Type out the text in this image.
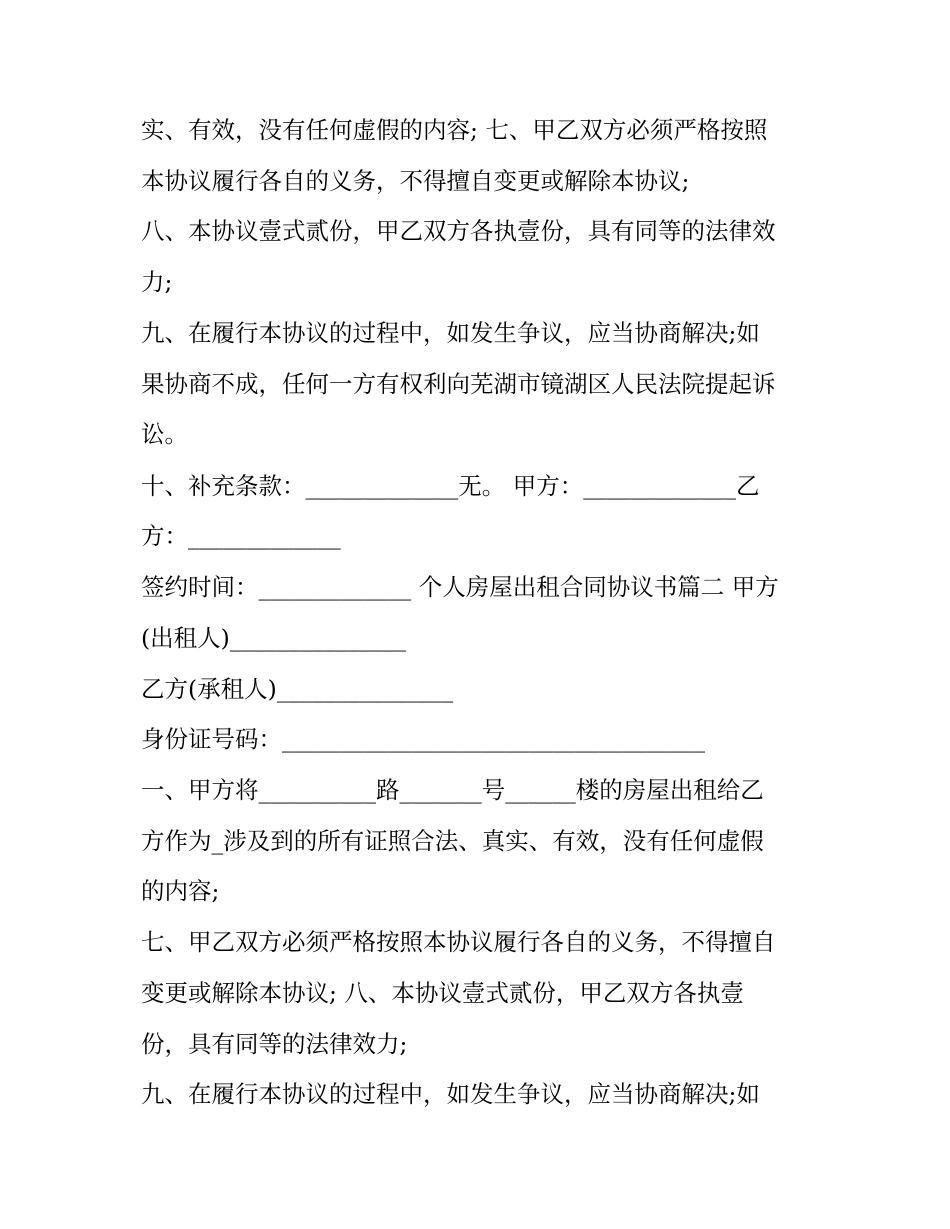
实、有效，没有任何虚假的内容; 七、甲乙双方必须严格按照

本协议履行各自的义务，不得擅自变更或解除本协议;

八、本协议壹式贰份，甲乙双方各执壹份，具有同等的法律效

力;

九、在履行本协议的过程中，如发生争议，应当协商解决;如

果协商不成，任何一方有权利向芜湖市镜湖区人民法院提起诉

讼。

十、补充条款：_____________无。 甲方：_____________乙

方：_____________

签约时间：_____________ 个人房屋出租合同协议书篇二 甲方

(出租人)_______________

乙方(承租人)_______________

身份证号码：____________________________________

一、甲方将__________路_______号______楼的房屋出租给乙

方作为_涉及到的所有证照合法、真实、有效，没有任何虚假

的内容;

七、甲乙双方必须严格按照本协议履行各自的义务，不得擅自

变更或解除本协议; 八、本协议壹式贰份，甲乙双方各执壹

份，具有同等的法律效力;

九、在履行本协议的过程中，如发生争议，应当协商解决;如
